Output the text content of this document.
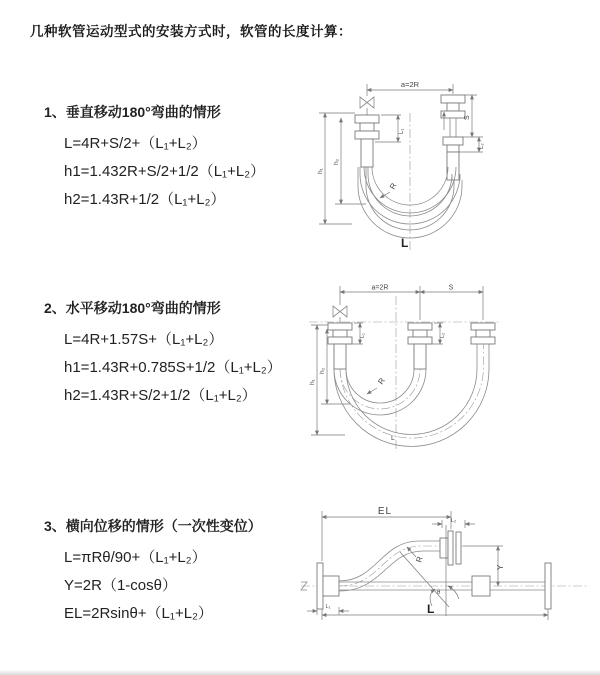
几种软管运动型式的安装方式时，软管的长度计算：

1、垂直移动180°弯曲的情形

L=4R+S/2+（L₁+L₂）

h1=1.432R+S/2+1/2（L₁+L₂）

h2=1.43R+1/2（L₁+L₂）

2、水平移动180°弯曲的情形

L=4R+1.57S+（L₁+L₂）

h1=1.43R+0.785S+1/2（L₁+L₂）

h2=1.43R+S/2+1/2（L₁+L₂）

3、横向位移的情形（一次性变位）

L=πRθ/90+（L₁+L₂）

Y=2R（1-cosθ）

EL=2Rsinθ+（L₁+L₂）

a=2R
L₁
S
L₂
h₁
h₂
R
L
a=2R	S
L₁	L₂
h₁
h₂
R
L
EL
L₂
L₁
θ
R
Y
L
